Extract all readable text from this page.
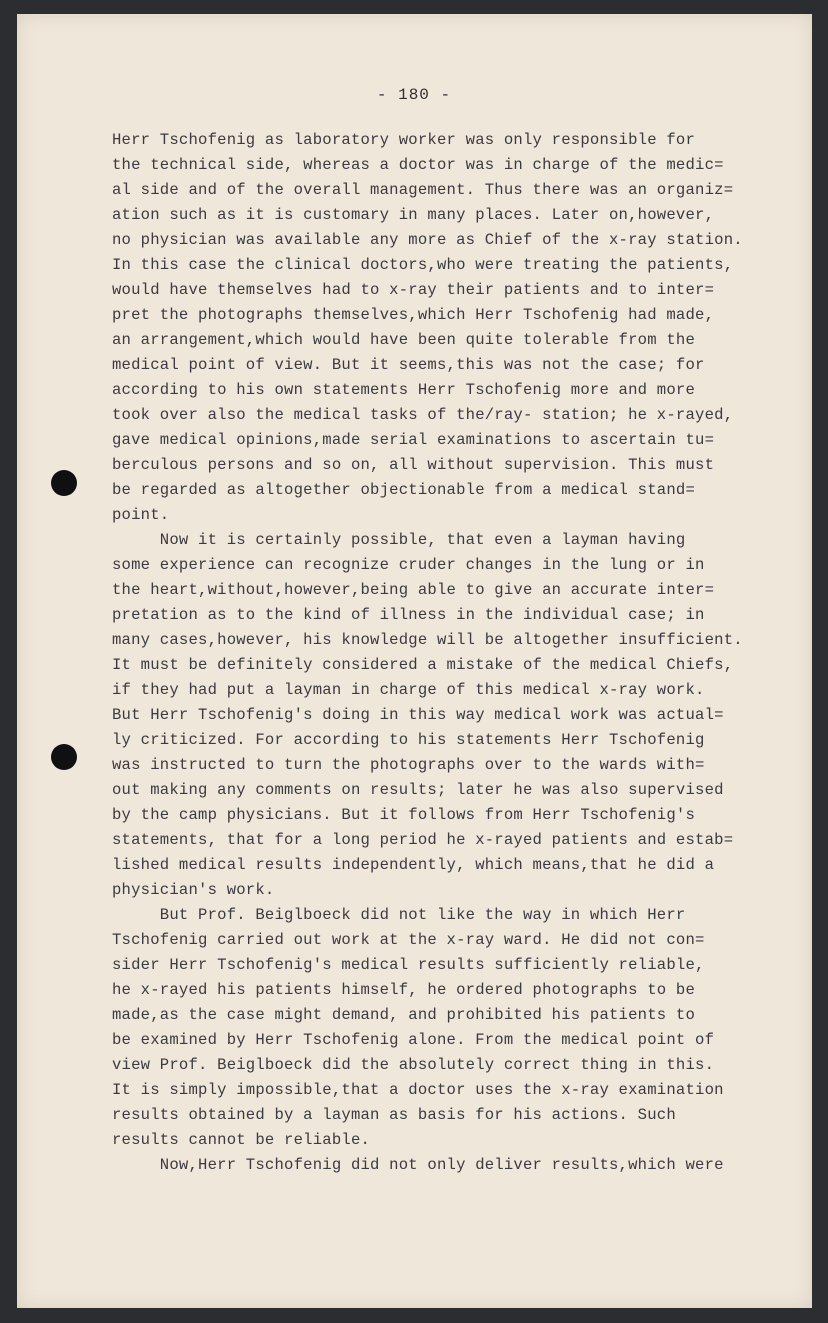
- 180 -
Herr Tschofenig as laboratory worker was only responsible for
the technical side, whereas a doctor was in charge of the medic=
al side and of the overall management. Thus there was an organiz=
ation such as it is customary in many places. Later on,however,
no physician was available any more as Chief of the x-ray station.
In this case the clinical doctors,who were treating the patients,
would have themselves had to x-ray their patients and to inter=
pret the photographs themselves,which Herr Tschofenig had made,
an arrangement,which would have been quite tolerable from the
medical point of view. But it seems,this was not the case; for
according to his own statements Herr Tschofenig more and more
took over also the medical tasks of the/ray- station; he x-rayed,
gave medical opinions,made serial examinations to ascertain tu=
berculous persons and so on, all without supervision. This must
be regarded as altogether objectionable from a medical stand=
point.
Now it is certainly possible, that even a layman having
some experience can recognize cruder changes in the lung or in
the heart,without,however,being able to give an accurate inter=
pretation as to the kind of illness in the individual case; in
many cases,however, his knowledge will be altogether insufficient.
It must be definitely considered a mistake of the medical Chiefs,
if they had put a layman in charge of this medical x-ray work.
But Herr Tschofenig's doing in this way medical work was actual=
ly criticized. For according to his statements Herr Tschofenig
was instructed to turn the photographs over to the wards with=
out making any comments on results; later he was also supervised
by the camp physicians. But it follows from Herr Tschofenig's
statements, that for a long period he x-rayed patients and estab=
lished medical results independently, which means,that he did a
physician's work.
But Prof. Beiglboeck did not like the way in which Herr
Tschofenig carried out work at the x-ray ward. He did not con=
sider Herr Tschofenig's medical results sufficiently reliable,
he x-rayed his patients himself, he ordered photographs to be
made,as the case might demand, and prohibited his patients to
be examined by Herr Tschofenig alone. From the medical point of
view Prof. Beiglboeck did the absolutely correct thing in this.
It is simply impossible,that a doctor uses the x-ray examination
results obtained by a layman as basis for his actions. Such
results cannot be reliable.
Now,Herr Tschofenig did not only deliver results,which were
